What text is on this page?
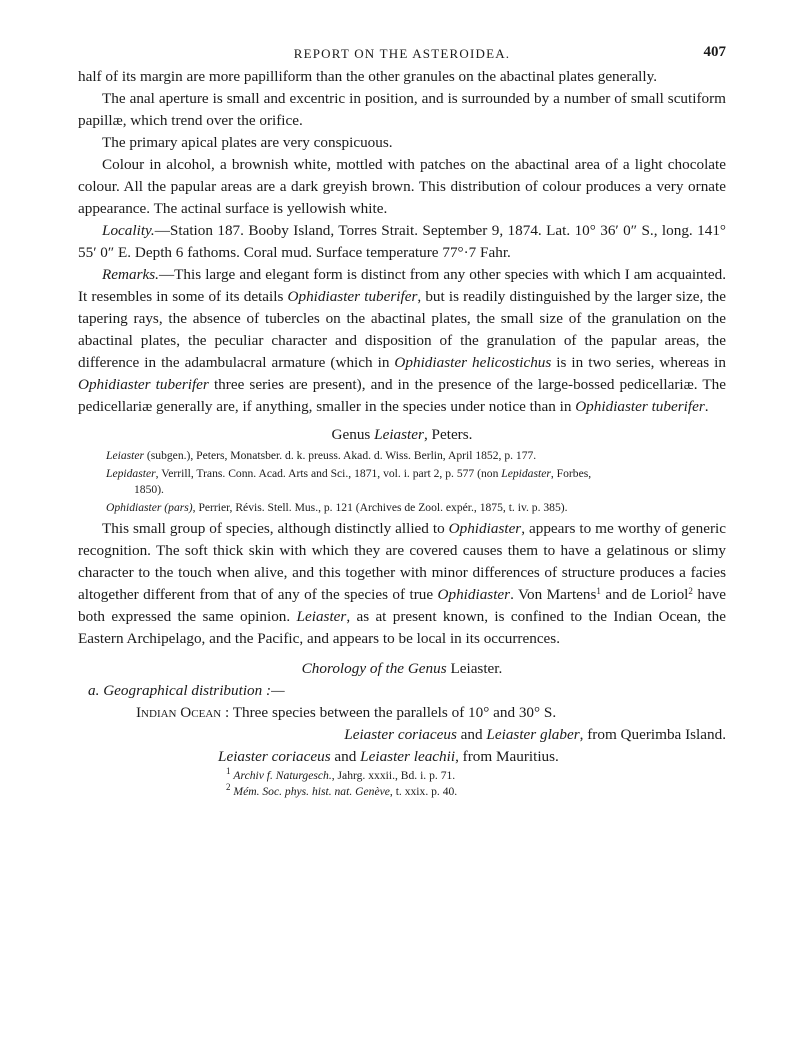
REPORT ON THE ASTEROIDEA.	407

half of its margin are more papilliform than the other granules on the abactinal plates generally.

The anal aperture is small and excentric in position, and is surrounded by a number of small scutiform papillæ, which trend over the orifice.

The primary apical plates are very conspicuous.

Colour in alcohol, a brownish white, mottled with patches on the abactinal area of a light chocolate colour. All the papular areas are a dark greyish brown. This distribution of colour produces a very ornate appearance. The actinal surface is yellowish white.

Locality.—Station 187. Booby Island, Torres Strait. September 9, 1874. Lat. 10° 36′ 0″ S., long. 141° 55′ 0″ E. Depth 6 fathoms. Coral mud. Surface temperature 77°·7 Fahr.

Remarks.—This large and elegant form is distinct from any other species with which I am acquainted. It resembles in some of its details Ophidiaster tuberifer, but is readily distinguished by the larger size, the tapering rays, the absence of tubercles on the abactinal plates, the small size of the granulation on the abactinal plates, the peculiar character and disposition of the granulation of the papular areas, the difference in the adambulacral armature (which in Ophidiaster helicostichus is in two series, whereas in Ophidiaster tuberifer three series are present), and in the presence of the large-bossed pedicellariæ. The pedicellariæ generally are, if anything, smaller in the species under notice than in Ophidiaster tuberifer.

Genus Leiaster, Peters.

Leiaster (subgen.), Peters, Monatsber. d. k. preuss. Akad. d. Wiss. Berlin, April 1852, p. 177.

Lepidaster, Verrill, Trans. Conn. Acad. Arts and Sci., 1871, vol. i. part 2, p. 577 (non Lepidaster, Forbes,
1850).

Ophidiaster (pars), Perrier, Révis. Stell. Mus., p. 121 (Archives de Zool. expér., 1875, t. iv. p. 385).

This small group of species, although distinctly allied to Ophidiaster, appears to me worthy of generic recognition. The soft thick skin with which they are covered causes them to have a gelatinous or slimy character to the touch when alive, and this together with minor differences of structure produces a facies altogether different from that of any of the species of true Ophidiaster. Von Martens$^1$ and de Loriol$^2$ have both expressed the same opinion. Leiaster, as at present known, is confined to the Indian Ocean, the Eastern Archipelago, and the Pacific, and appears to be local in its occurrences.

Chorology of the Genus Leiaster.
a. Geographical distribution :—
Indian Ocean : Three species between the parallels of 10° and 30° S.
Leiaster coriaceus and Leiaster glaber, from Querimba Island.
Leiaster coriaceus and Leiaster leachii, from Mauritius.
$^1$ Archiv f. Naturgesch., Jahrg. xxxii., Bd. i. p. 71.
$^2$ Mém. Soc. phys. hist. nat. Genève, t. xxix. p. 40.
